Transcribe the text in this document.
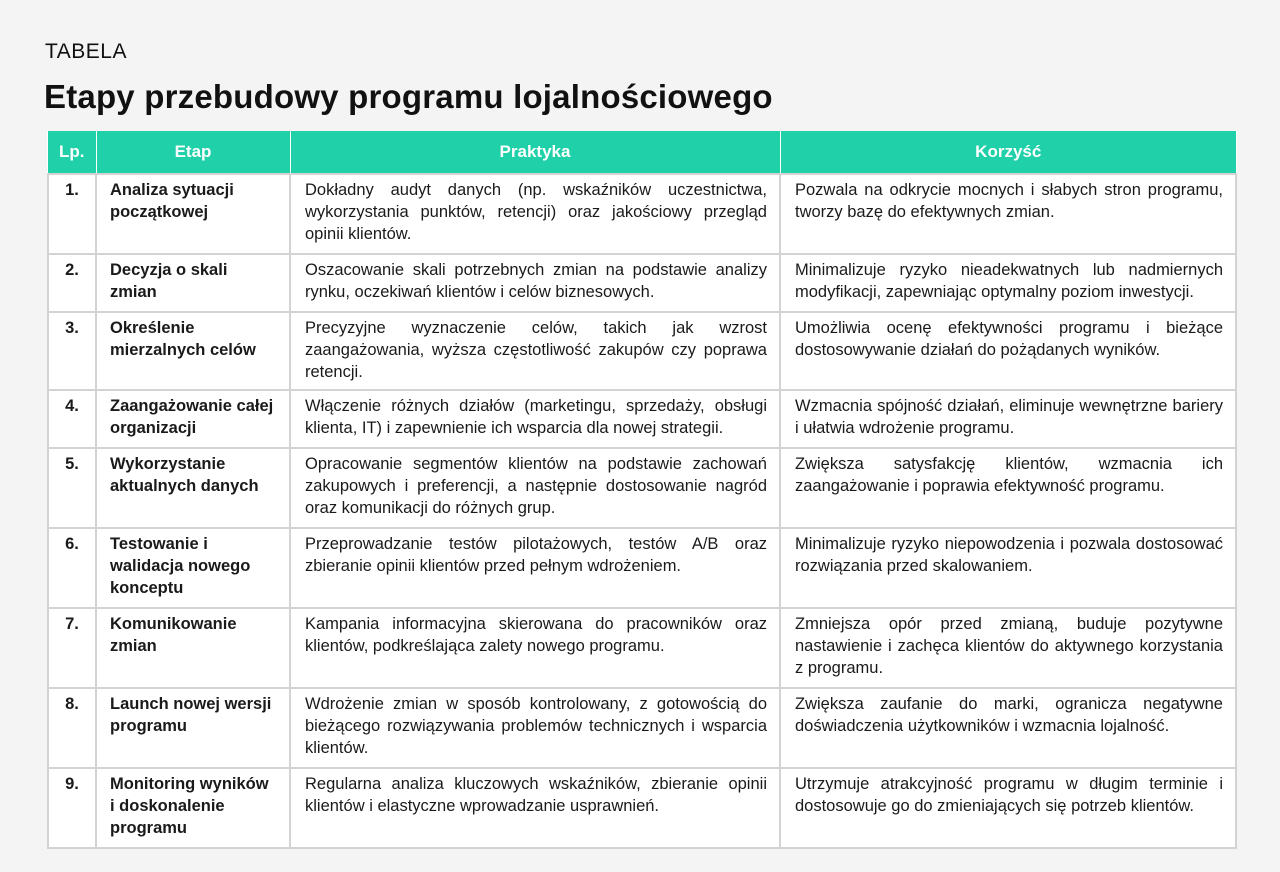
TABELA
Etapy przebudowy programu lojalnościowego
Lp.	Etap	Praktyka	Korzyść
1.	Analiza sytuacji początkowej	Dokładny audyt danych (np. wskaźników uczestnictwa, wykorzystania punktów, retencji) oraz jakościowy przegląd opinii klientów.	Pozwala na odkrycie mocnych i słabych stron programu, tworzy bazę do efektywnych zmian.
2.	Decyzja o skali zmian	Oszacowanie skali potrzebnych zmian na podstawie analizy rynku, oczekiwań klientów i celów biznesowych.	Minimalizuje ryzyko nieadekwatnych lub nadmiernych modyfikacji, zapewniając optymalny poziom inwestycji.
3.	Określenie mierzalnych celów	Precyzyjne wyznaczenie celów, takich jak wzrost zaangażowania, wyższa częstotliwość zakupów czy poprawa retencji.	Umożliwia ocenę efektywności programu i bieżące dostosowywanie działań do pożądanych wyników.
4.	Zaangażowanie całej organizacji	Włączenie różnych działów (marketingu, sprzedaży, obsługi klienta, IT) i zapewnienie ich wsparcia dla nowej strategii.	Wzmacnia spójność działań, eliminuje wewnętrzne bariery i ułatwia wdrożenie programu.
5.	Wykorzystanie aktualnych danych	Opracowanie segmentów klientów na podstawie zachowań zakupowych i preferencji, a następnie dostosowanie nagród oraz komunikacji do różnych grup.	Zwiększa satysfakcję klientów, wzmacnia ich zaangażowanie i poprawia efektywność programu.
6.	Testowanie i walidacja nowego konceptu	Przeprowadzanie testów pilotażowych, testów A/B oraz zbieranie opinii klientów przed pełnym wdrożeniem.	Minimalizuje ryzyko niepowodzenia i pozwala dostosować rozwiązania przed skalowaniem.
7.	Komunikowanie zmian	Kampania informacyjna skierowana do pracowników oraz klientów, podkreślająca zalety nowego programu.	Zmniejsza opór przed zmianą, buduje pozytywne nastawienie i zachęca klientów do aktywnego korzystania z programu.
8.	Launch nowej wersji programu	Wdrożenie zmian w sposób kontrolowany, z gotowością do bieżącego rozwiązywania problemów technicznych i wsparcia klientów.	Zwiększa zaufanie do marki, ogranicza negatywne doświadczenia użytkowników i wzmacnia lojalność.
9.	Monitoring wyników i doskonalenie programu	Regularna analiza kluczowych wskaźników, zbieranie opinii klientów i elastyczne wprowadzanie usprawnień.	Utrzymuje atrakcyjność programu w długim terminie i dostosowuje go do zmieniających się potrzeb klientów.
